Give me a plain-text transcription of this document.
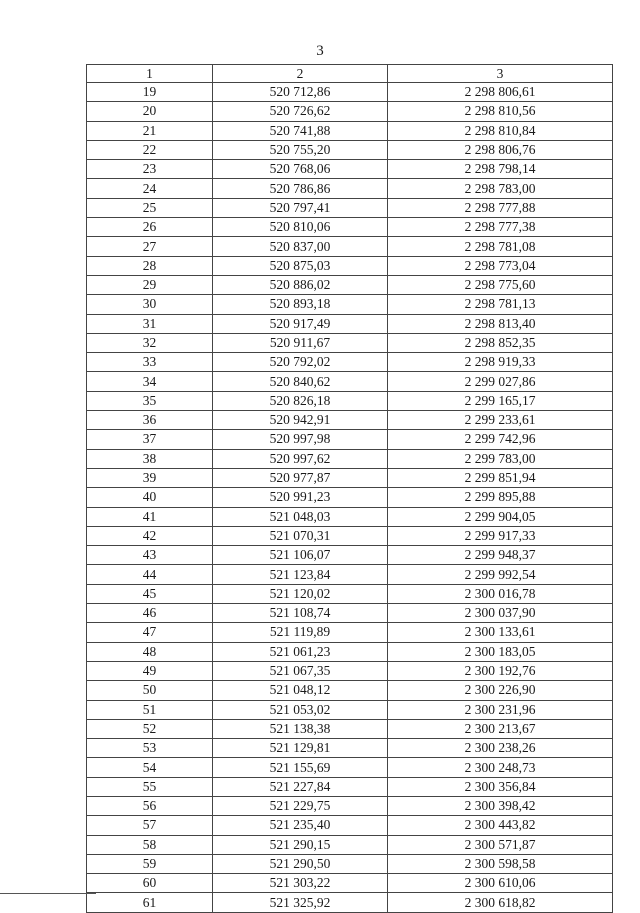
3
1	2	3
19	520 712,86	2 298 806,61
20	520 726,62	2 298 810,56
21	520 741,88	2 298 810,84
22	520 755,20	2 298 806,76
23	520 768,06	2 298 798,14
24	520 786,86	2 298 783,00
25	520 797,41	2 298 777,88
26	520 810,06	2 298 777,38
27	520 837,00	2 298 781,08
28	520 875,03	2 298 773,04
29	520 886,02	2 298 775,60
30	520 893,18	2 298 781,13
31	520 917,49	2 298 813,40
32	520 911,67	2 298 852,35
33	520 792,02	2 298 919,33
34	520 840,62	2 299 027,86
35	520 826,18	2 299 165,17
36	520 942,91	2 299 233,61
37	520 997,98	2 299 742,96
38	520 997,62	2 299 783,00
39	520 977,87	2 299 851,94
40	520 991,23	2 299 895,88
41	521 048,03	2 299 904,05
42	521 070,31	2 299 917,33
43	521 106,07	2 299 948,37
44	521 123,84	2 299 992,54
45	521 120,02	2 300 016,78
46	521 108,74	2 300 037,90
47	521 119,89	2 300 133,61
48	521 061,23	2 300 183,05
49	521 067,35	2 300 192,76
50	521 048,12	2 300 226,90
51	521 053,02	2 300 231,96
52	521 138,38	2 300 213,67
53	521 129,81	2 300 238,26
54	521 155,69	2 300 248,73
55	521 227,84	2 300 356,84
56	521 229,75	2 300 398,42
57	521 235,40	2 300 443,82
58	521 290,15	2 300 571,87
59	521 290,50	2 300 598,58
60	521 303,22	2 300 610,06
61	521 325,92	2 300 618,82
